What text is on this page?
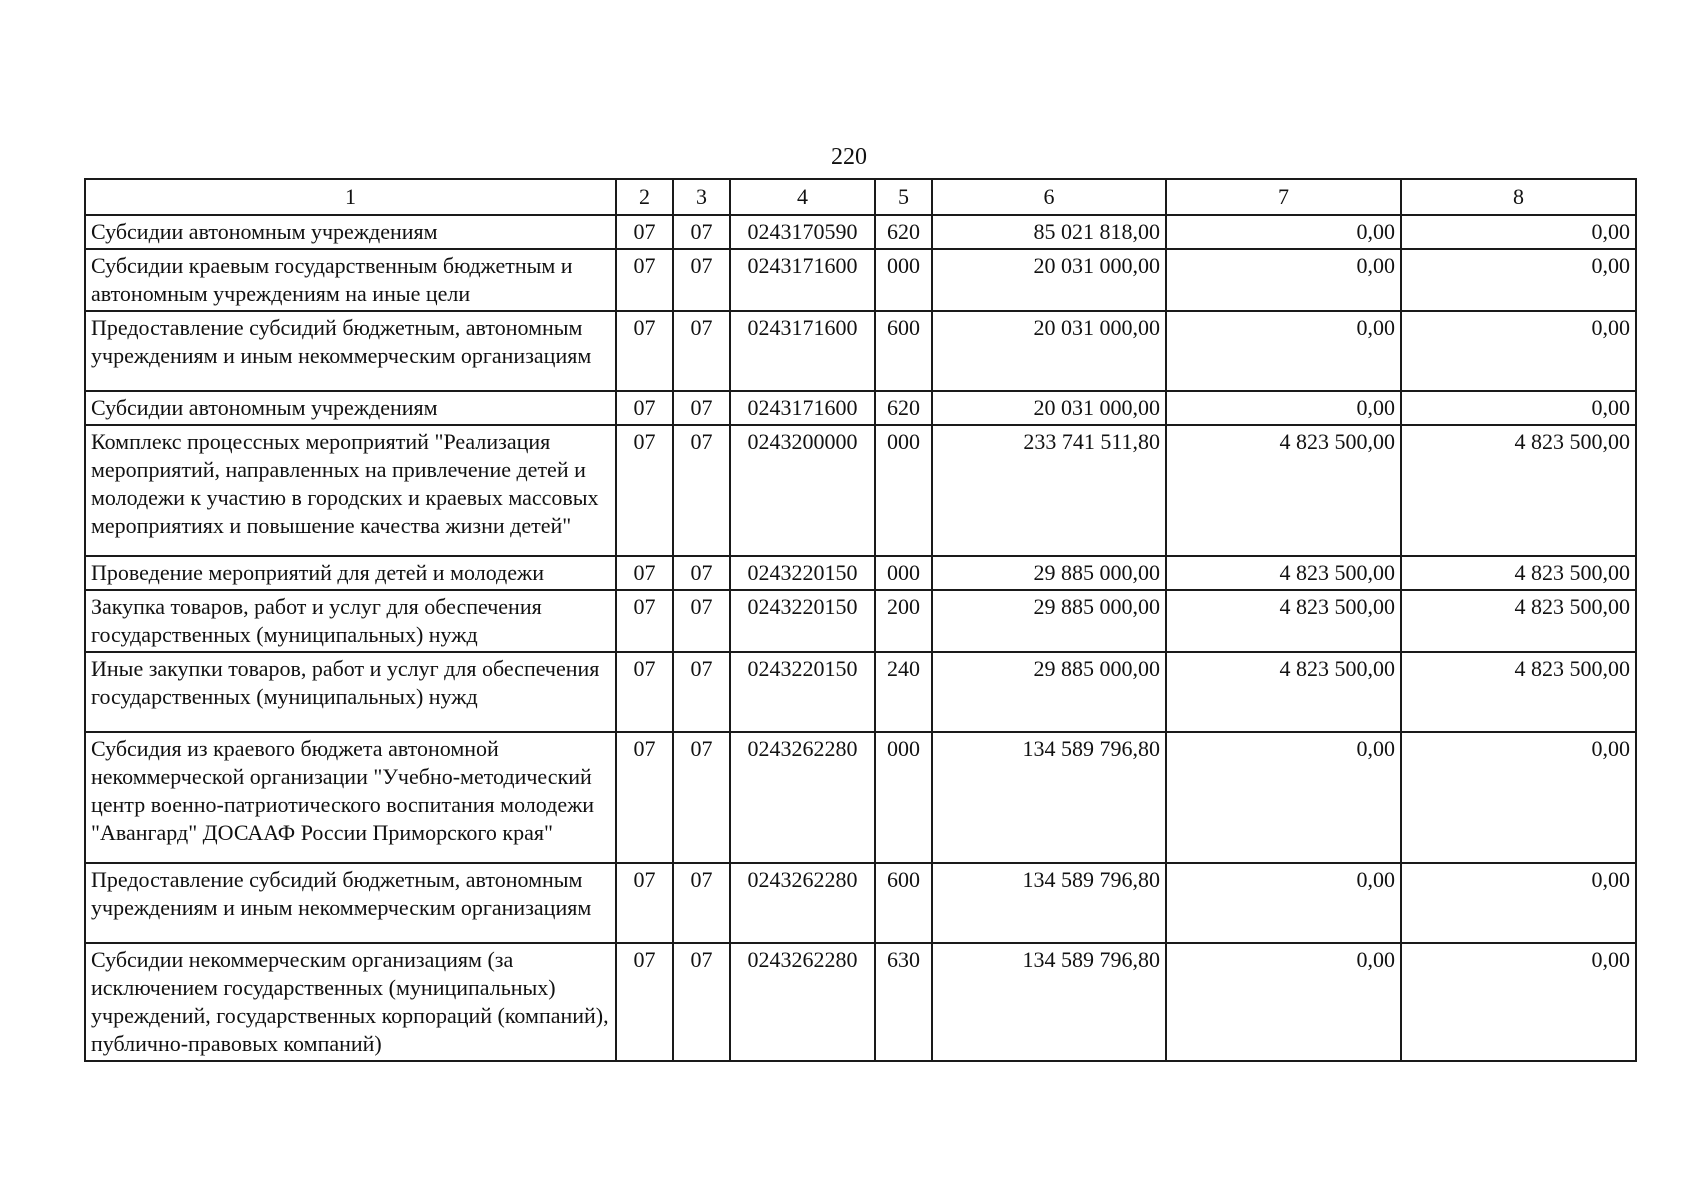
220
1	2	3	4	5	6	7	8
Субсидии автономным учреждениям	07	07	0243170590	620	85 021 818,00	0,00	0,00
Субсидии краевым государственным бюджетным и автономным учреждениям на иные цели	07	07	0243171600	000	20 031 000,00	0,00	0,00
Предоставление субсидий бюджетным, автономным учреждениям и иным некоммерческим организациям	07	07	0243171600	600	20 031 000,00	0,00	0,00
Субсидии автономным учреждениям	07	07	0243171600	620	20 031 000,00	0,00	0,00
Комплекс процессных мероприятий "Реализация мероприятий, направленных на привлечение детей и молодежи к участию в городских и краевых массовых мероприятиях и повышение качества жизни детей"	07	07	0243200000	000	233 741 511,80	4 823 500,00	4 823 500,00
Проведение мероприятий для детей и молодежи	07	07	0243220150	000	29 885 000,00	4 823 500,00	4 823 500,00
Закупка товаров, работ и услуг для обеспечения государственных (муниципальных) нужд	07	07	0243220150	200	29 885 000,00	4 823 500,00	4 823 500,00
Иные закупки товаров, работ и услуг для обеспечения государственных (муниципальных) нужд	07	07	0243220150	240	29 885 000,00	4 823 500,00	4 823 500,00
Субсидия из краевого бюджета автономной некоммерческой организации "Учебно-методический центр военно-патриотического воспитания молодежи "Авангард" ДОСААФ России Приморского края"	07	07	0243262280	000	134 589 796,80	0,00	0,00
Предоставление субсидий бюджетным, автономным учреждениям и иным некоммерческим организациям	07	07	0243262280	600	134 589 796,80	0,00	0,00
Субсидии некоммерческим организациям (за исключением государственных (муниципальных) учреждений, государственных корпораций (компаний), публично-правовых компаний)	07	07	0243262280	630	134 589 796,80	0,00	0,00
